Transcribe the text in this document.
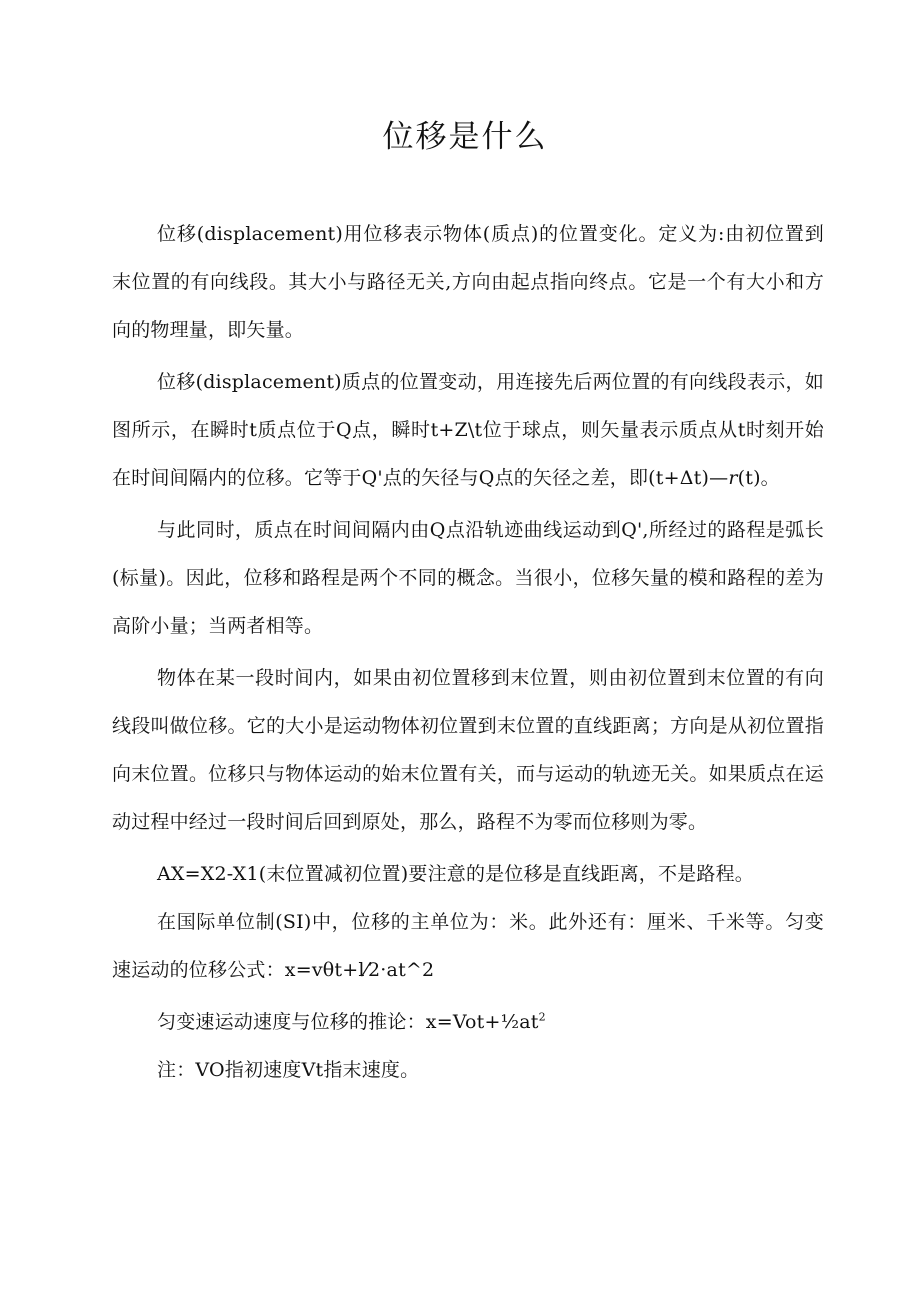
位移是什么

位移(displacement)用位移表示物体(质点)的位置变化。定义为:由初位置到末位置的有向线段。其大小与路径无关,方向由起点指向终点。它是一个有大小和方向的物理量，即矢量。

位移(displacement)质点的位置变动，用连接先后两位置的有向线段表示，如图所示，在瞬时t质点位于Q点，瞬时t+Z\t位于球点，则矢量表示质点从t时刻开始在时间间隔内的位移。它等于Q'点的矢径与Q点的矢径之差，即(t+Δt)—r(t)。

与此同时，质点在时间间隔内由Q点沿轨迹曲线运动到Q',所经过的路程是弧长(标量)。因此，位移和路程是两个不同的概念。当很小，位移矢量的模和路程的差为高阶小量；当两者相等。

物体在某一段时间内，如果由初位置移到末位置，则由初位置到末位置的有向线段叫做位移。它的大小是运动物体初位置到末位置的直线距离；方向是从初位置指向末位置。位移只与物体运动的始末位置有关，而与运动的轨迹无关。如果质点在运动过程中经过一段时间后回到原处，那么，路程不为零而位移则为零。

AX=X2-X1(末位置减初位置)要注意的是位移是直线距离，不是路程。

在国际单位制(SI)中，位移的主单位为：米。此外还有：厘米、千米等。匀变速运动的位移公式：x=vθt+l⁄2·at^2

匀变速运动速度与位移的推论：$x=Vot+\frac{1}{2}at^2$

注：VO指初速度Vt指末速度。
